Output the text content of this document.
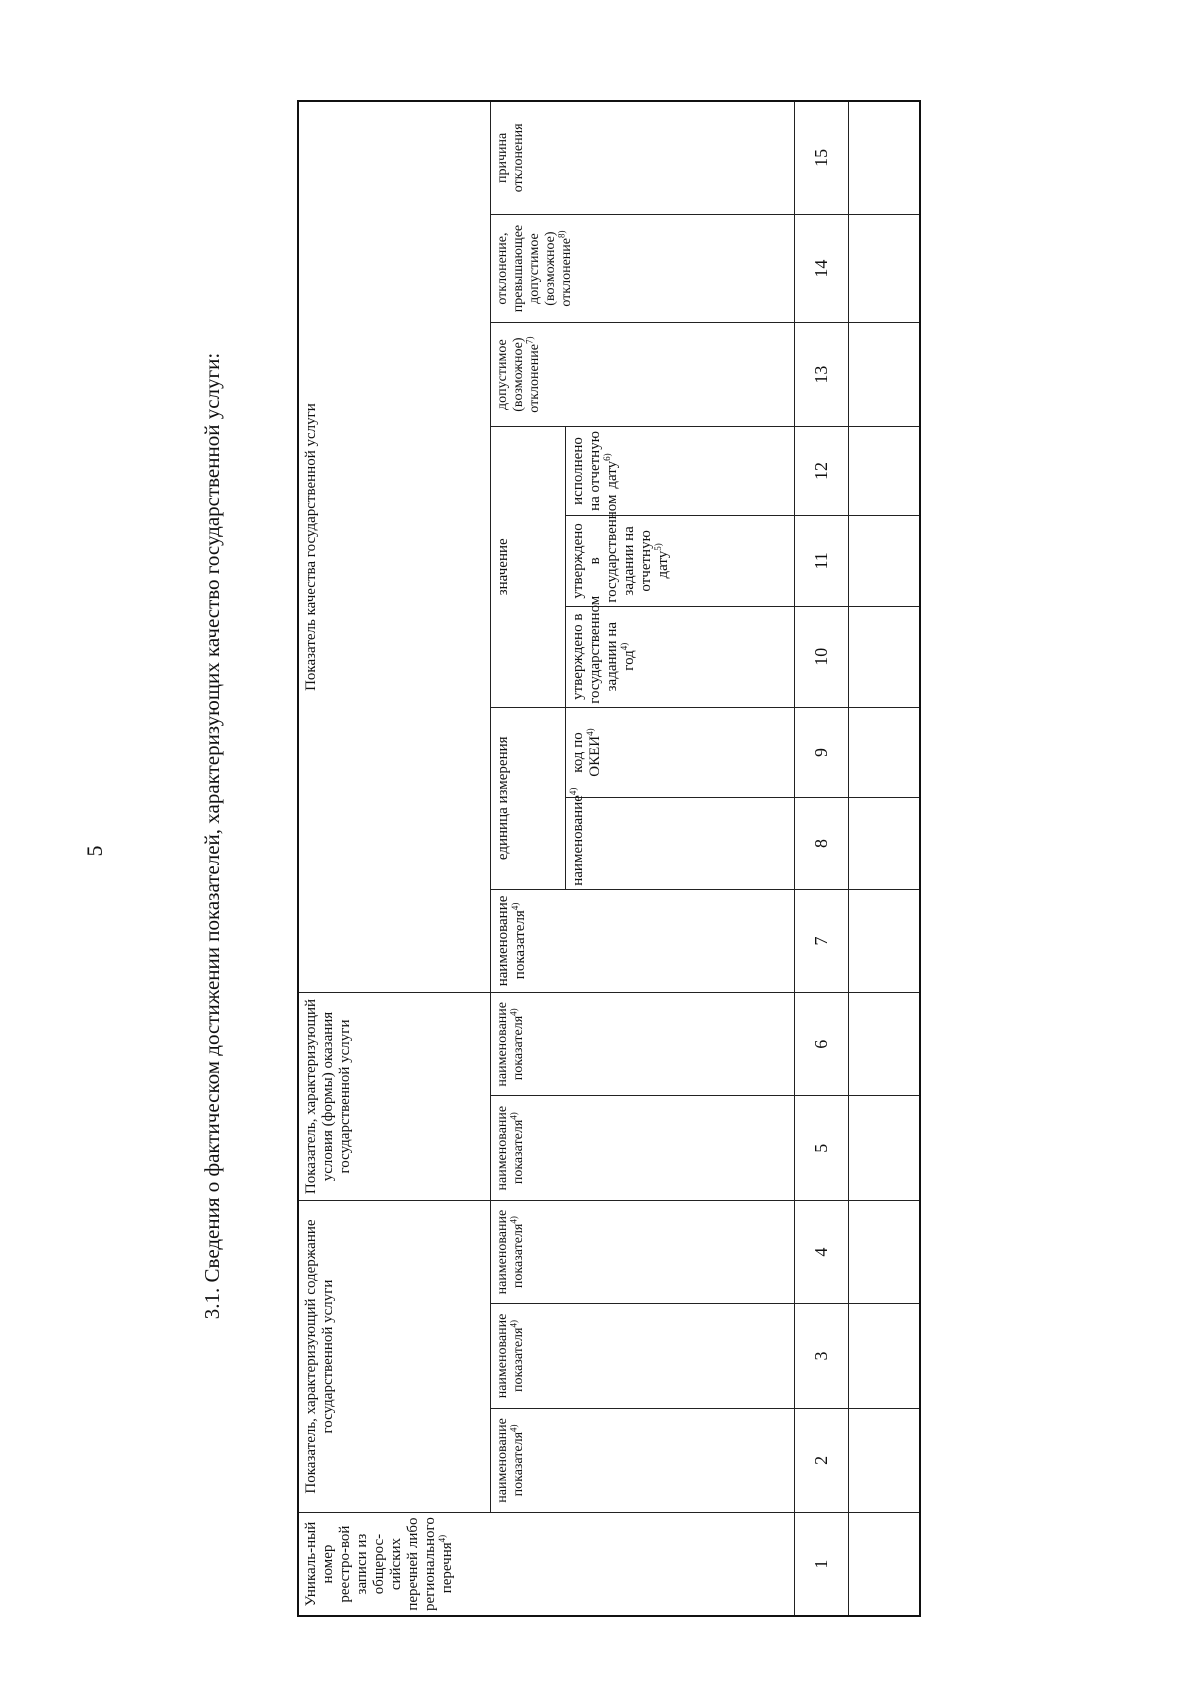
5	3.1. Сведения о фактическом достижении показателей, характеризующих качество государственной услуги:
Уникаль-ный номер реестро-вой записи из общерос-сийских перечней либо регионального перечня$^{4)}$	Показатель, характеризующий содержание государственной услуги			Показатель, характеризующий условия (формы) оказания государственной услуги		Показатель качества государственной услуги								
	наименование показателя$^{4)}$	наименование показателя$^{4)}$	наименование показателя$^{4)}$	наименование показателя$^{4)}$	наименование показателя$^{4)}$	наименование показателя$^{4)}$	единица измерения		значение			допустимое (возможное) отклонение$^{7)}$	отклонение, превышающее допустимое (возможное) отклонение$^{8)}$	причина отклонения
							наименование$^{4)}$	код по ОКЕИ$^{4)}$	утверждено в государственном задании на год$^{4)}$	утверждено в государственном задании на отчетную дату$^{5)}$	исполнено на отчетную дату$^{6)}$
1	2	3	4	5	6	7	8	9	10	11	12	13	14	15
